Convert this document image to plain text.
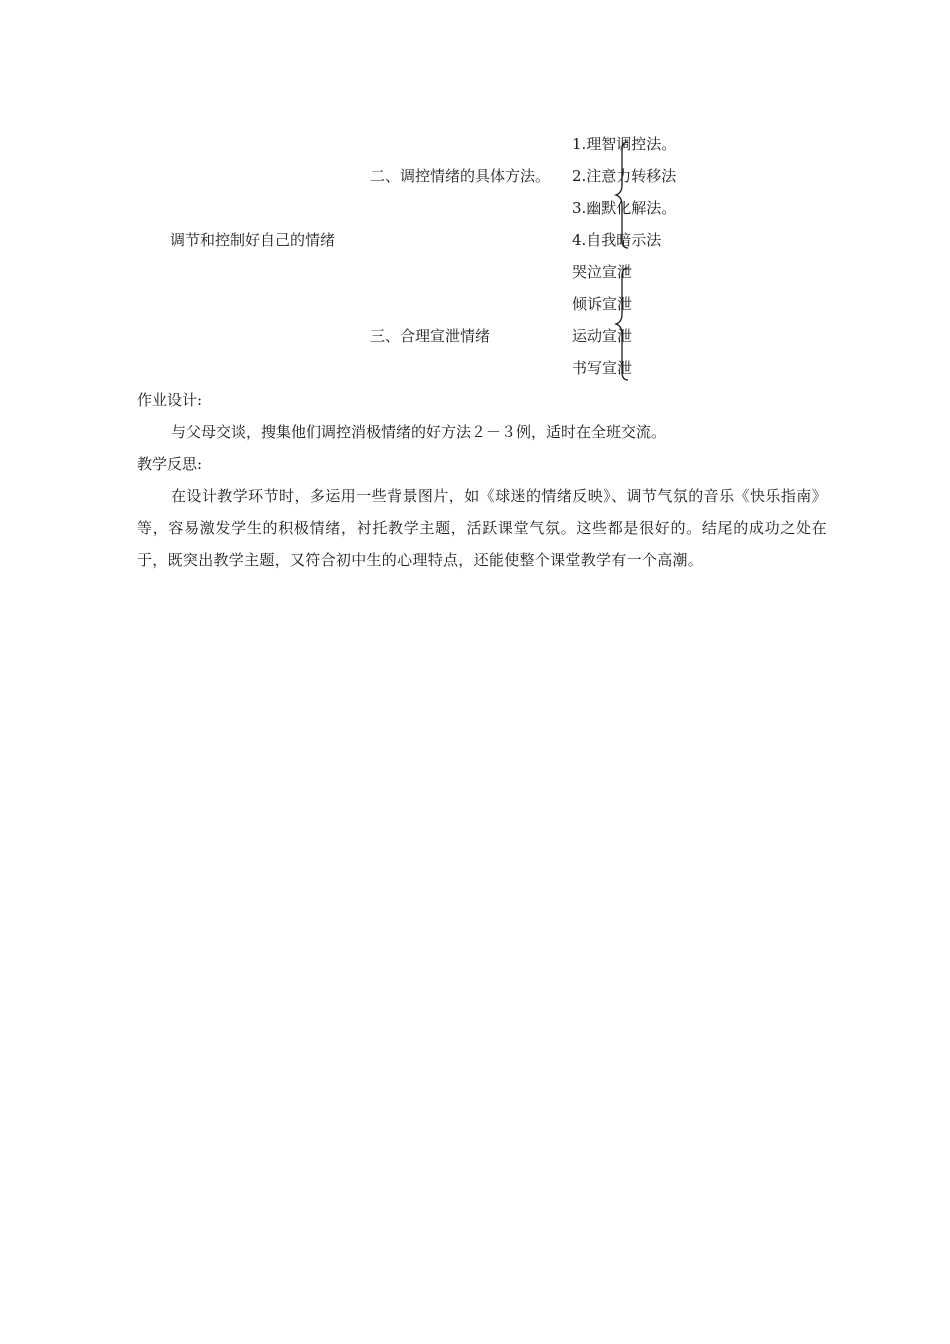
调节和控制好自己的情绪
二、调控情绪的具体方法。
1.理智调控法。
2.注意力转移法
3.幽默化解法。
4.自我暗示法
三、合理宣泄情绪
哭泣宣泄
倾诉宣泄
运动宣泄
书写宣泄
作业设计:
与父母交谈，搜集他们调控消极情绪的好方法２－３例，适时在全班交流。
教学反思:
在设计教学环节时，多运用一些背景图片，如《球迷的情绪反映》、调节气氛的音乐《快乐指南》等，容易激发学生的积极情绪，衬托教学主题，活跃课堂气氛。这些都是很好的。结尾的成功之处在于，既突出教学主题，又符合初中生的心理特点，还能使整个课堂教学有一个高潮。
